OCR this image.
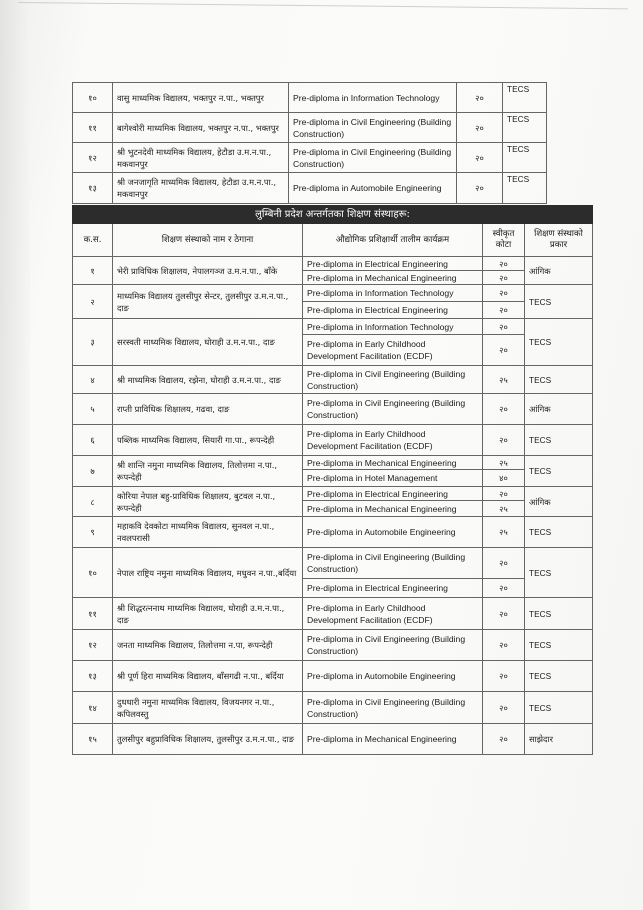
१०	वासु माध्यमिक विद्यालय, भक्तपुर न.पा., भक्तपुर	Pre-diploma in Information Technology	२०	TECS
११	बागेश्वोरी माध्यमिक विद्यालय, भक्तपुर न.पा., भक्तपुर	Pre-diploma in Civil Engineering (Building Construction)	२०	TECS
१२	श्री भुटनदेवी माध्यमिक विद्यालय, हेटौडा उ.म.न.पा., मकवानपुर	Pre-diploma in Civil Engineering (Building Construction)	२०	TECS
१३	श्री जनजागृति माध्यमिक विद्यालय, हेटौडा उ.म.न.पा., मकवानपुर	Pre-diploma in Automobile Engineering	२०	TECS
लुम्बिनी प्रदेश अन्तर्गतका शिक्षण संस्थाहरू:				
क.स.	शिक्षण संस्थाको नाम र ठेगाना	औद्योगिक प्रशिक्षार्थी तालीम कार्यक्रम	स्वीकृत कोटा	शिक्षण संस्थाको प्रकार
१	भेरी प्राविधिक शिक्षालय, नेपालगञ्ज उ.म.न.पा., बाँके	Pre-diploma in Electrical Engineering	२०	आंगिक
		Pre-diploma in Mechanical Engineering	२०	
२	माध्यमिक विद्यालय तुलसीपुर सेन्टर, तुलसीपुर उ.म.न.पा., दाङ	Pre-diploma in Information Technology	२०	TECS
		Pre-diploma in Electrical Engineering	२०	
३	सरस्वती माध्यमिक विद्यालय, घोराही उ.म.न.पा., दाङ	Pre-diploma in Information Technology	२०	TECS
		Pre-diploma in Early Childhood Development Facilitation (ECDF)	२०	
४	श्री माध्यमिक विद्यालय, रझेना, घोराही उ.म.न.पा., दाङ	Pre-diploma in Civil Engineering (Building Construction)	२५	TECS
५	राप्ती प्राविधिक शिक्षालय, गढवा, दाङ	Pre-diploma in Civil Engineering (Building Construction)	२०	आंगिक
६	पब्लिक माध्यमिक विद्यालय, सियारी गा.पा., रूपन्देही	Pre-diploma in Early Childhood Development Facilitation (ECDF)	२०	TECS
७	श्री शान्ति नमुना माध्यमिक विद्यालय, तिलोत्तमा न.पा., रूपन्देही	Pre-diploma in Mechanical Engineering	२५	TECS
		Pre-diploma in Hotel Management	४०	
८	कोरिया नेपाल बहु-प्राविधिक शिक्षालय, बुटवल न.पा., रूपन्देही	Pre-diploma in Electrical Engineering	२०	आंगिक
		Pre-diploma in Mechanical Engineering	२५	
९	महाकवि देवकोटा माध्यमिक विद्यालय, सुनवल न.पा., नवलपरासी	Pre-diploma in Automobile Engineering	२५	TECS
१०	नेपाल राष्ट्रिय नमुना माध्यमिक विद्यालय, मधुवन न.पा.,बर्दिया	Pre-diploma in Civil Engineering (Building Construction)	२०	TECS
		Pre-diploma in Electrical Engineering	२०	
११	श्री शिद्धरत्ननाथ माध्यमिक विद्यालय, घोराही उ.म.न.पा., दाङ	Pre-diploma in Early Childhood Development Facilitation (ECDF)	२०	TECS
१२	जनता माध्यमिक विद्यालय, तिलोत्तमा न.पा, रूपन्देही	Pre-diploma in Civil Engineering (Building Construction)	२०	TECS
१३	श्री पूर्ण हिरा माध्यमिक विद्यालय, बाँसगढी न.पा., बर्दिया	Pre-diploma in Automobile Engineering	२०	TECS
१४	दुधधारी नमुना माध्यमिक विद्यालय, विजयनगर न.पा., कपिलवस्तु	Pre-diploma in Civil Engineering (Building Construction)	२०	TECS
१५	तुलसीपुर बहुप्राविधिक शिक्षालय, तुलसीपुर उ.म.न.पा., दाङ	Pre-diploma in Mechanical Engineering	२०	साझेदार
